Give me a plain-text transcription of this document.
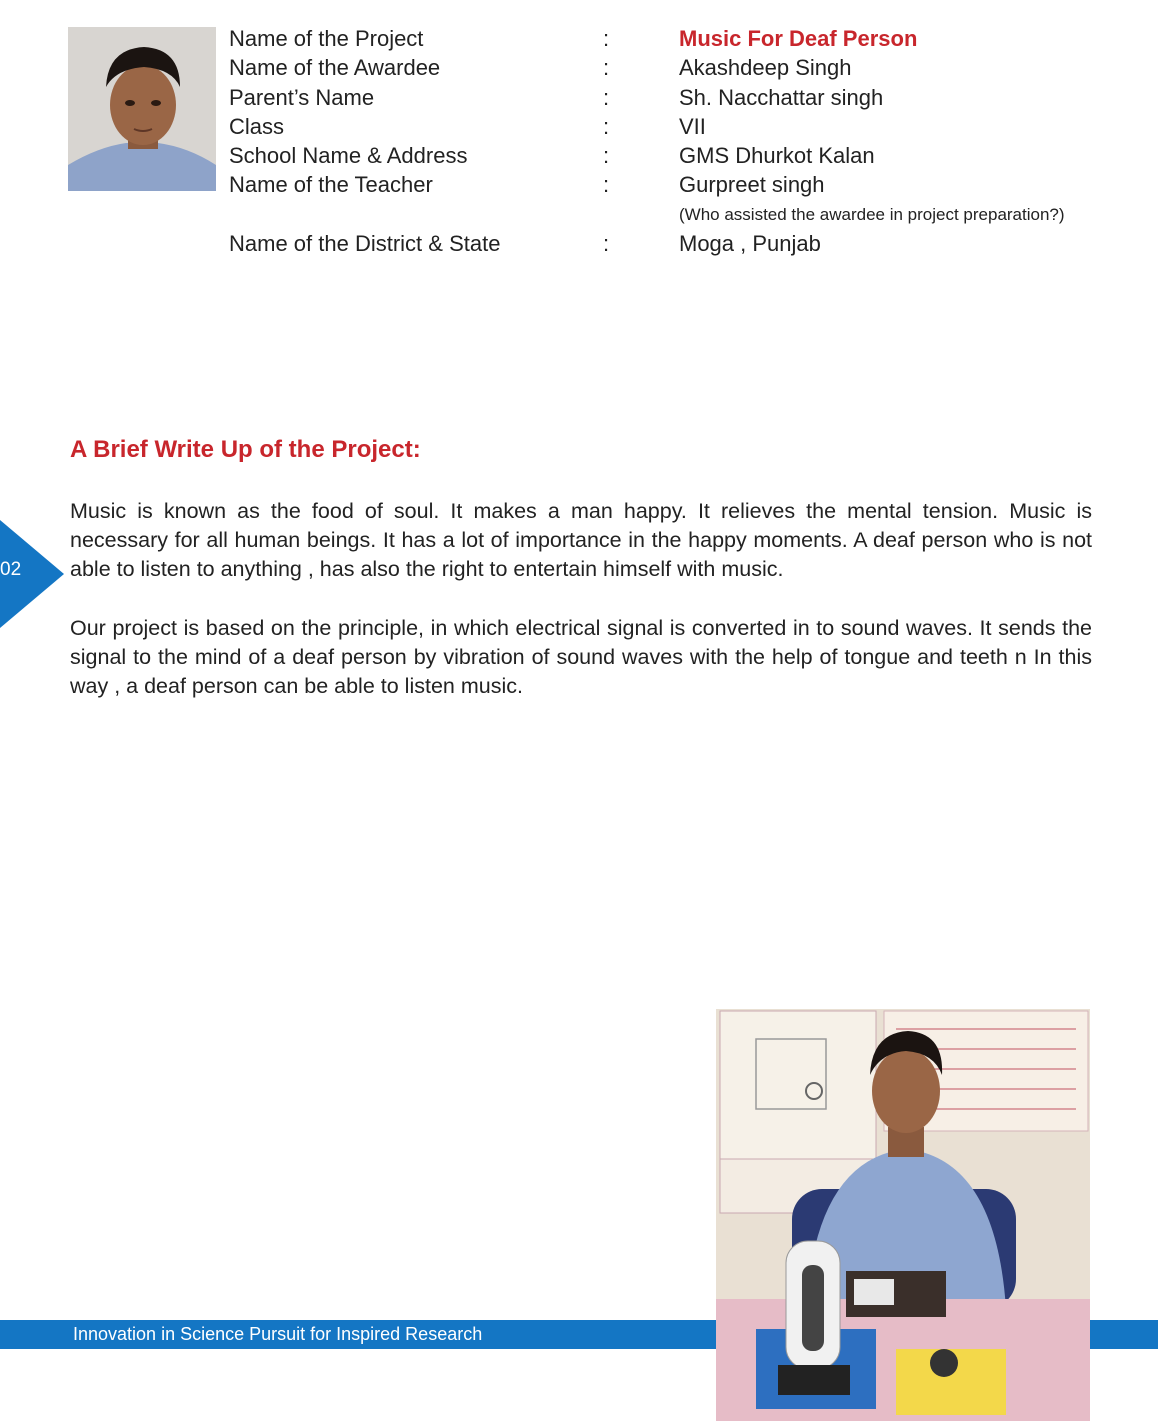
Name of the Project	:	Music For Deaf Person
Name of the Awardee	:	Akashdeep Singh
Parent’s Name	:	Sh. Nacchattar singh
Class	:	VII
School Name & Address	:	GMS Dhurkot Kalan
Name of the Teacher	:	Gurpreet singh
(Who assisted the awardee in project preparation?)
Name of the District & State	:	Moga , Punjab
A Brief Write Up of the Project:

Music is known as the food of soul. It makes a man happy. It relieves the mental tension. Music is necessary for all human beings. It has a lot of importance in the happy moments. A deaf person who is not able to listen to anything , has also the right to entertain himself with music.

Our project is based on the principle, in which electrical signal is converted in to sound waves. It sends the signal to the mind of a deaf person by vibration of sound waves with the help of tongue and teeth n In this way , a deaf person can be able to listen music.

02
Innovation in Science Pursuit for Inspired Research
